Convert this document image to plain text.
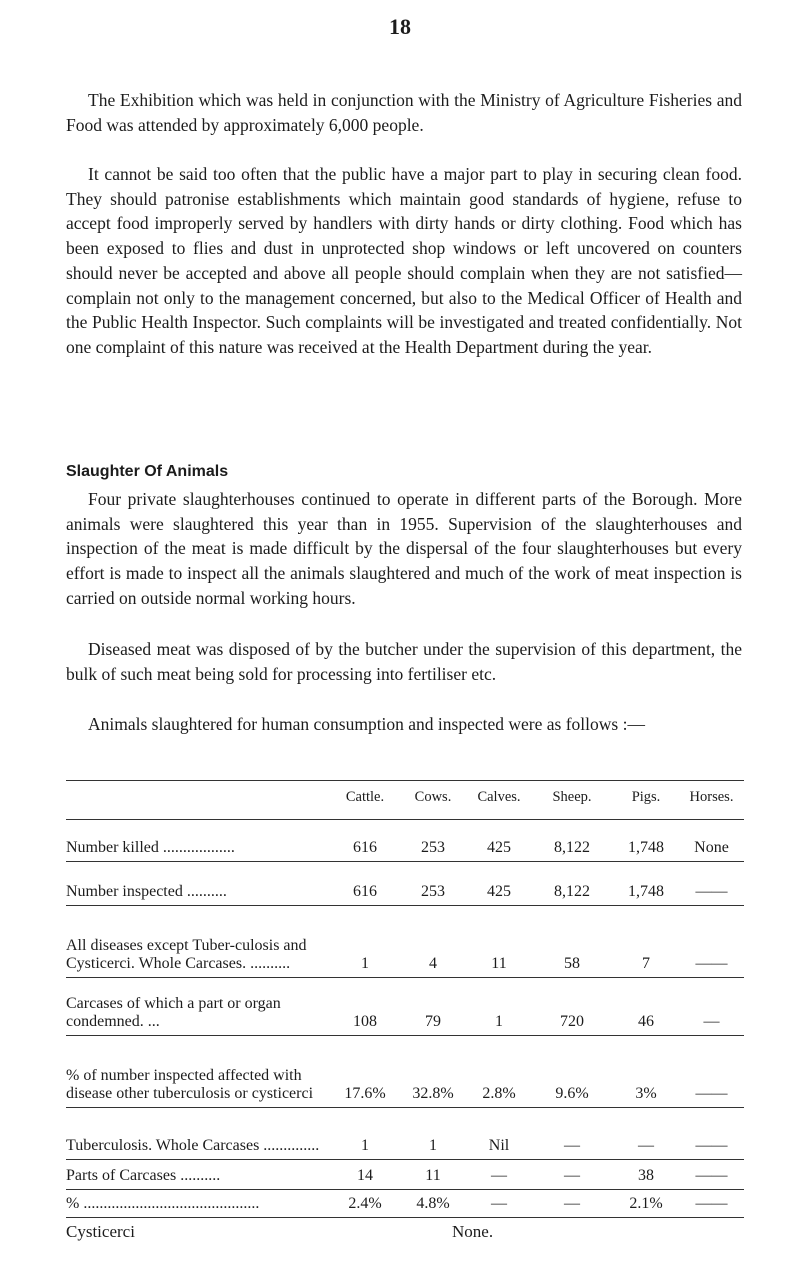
18

The Exhibition which was held in conjunction with the Ministry of Agriculture Fisheries and Food was attended by approximately 6,000 people.

It cannot be said too often that the public have a major part to play in securing clean food. They should patronise establishments which maintain good standards of hygiene, refuse to accept food improperly served by handlers with dirty hands or dirty clothing. Food which has been exposed to flies and dust in unprotected shop windows or left uncovered on counters should never be accepted and above all people should complain when they are not satisfied—complain not only to the management concerned, but also to the Medical Officer of Health and the Public Health Inspector. Such complaints will be investigated and treated confidentially. Not one complaint of this nature was received at the Health Department during the year.

Slaughter Of Animals

Four private slaughterhouses continued to operate in different parts of the Borough. More animals were slaughtered this year than in 1955. Supervision of the slaughterhouses and inspection of the meat is made difficult by the dispersal of the four slaughterhouses but every effort is made to inspect all the animals slaughtered and much of the work of meat inspection is carried on outside normal working hours.

Diseased meat was disposed of by the butcher under the supervision of this department, the bulk of such meat being sold for processing into fertiliser etc.

Animals slaughtered for human consumption and inspected were as follows :—

	Cattle.	Cows.	Calves.	Sheep.	Pigs.	Horses.
Number killed ..................	616	253	425	8,122	1,748	None
Number inspected ..........	616	253	425	8,122	1,748	——
All diseases except Tuber-culosis and Cysticerci. Whole Carcases. ..........	1	4	11	58	7	——
Carcases of which a part or organ condemned. ...	108	79	1	720	46	—
% of number inspected affected with disease other tuberculosis or cysticerci	17.6%	32.8%	2.8%	9.6%	3%	——
Tuberculosis. Whole Carcases ..............	1	1	Nil	—	—	——
Parts of Carcases ..........	14	11	—	—	38	——
% ............................................	2.4%	4.8%	—	—	2.1%	——
Cysticerci	None.
